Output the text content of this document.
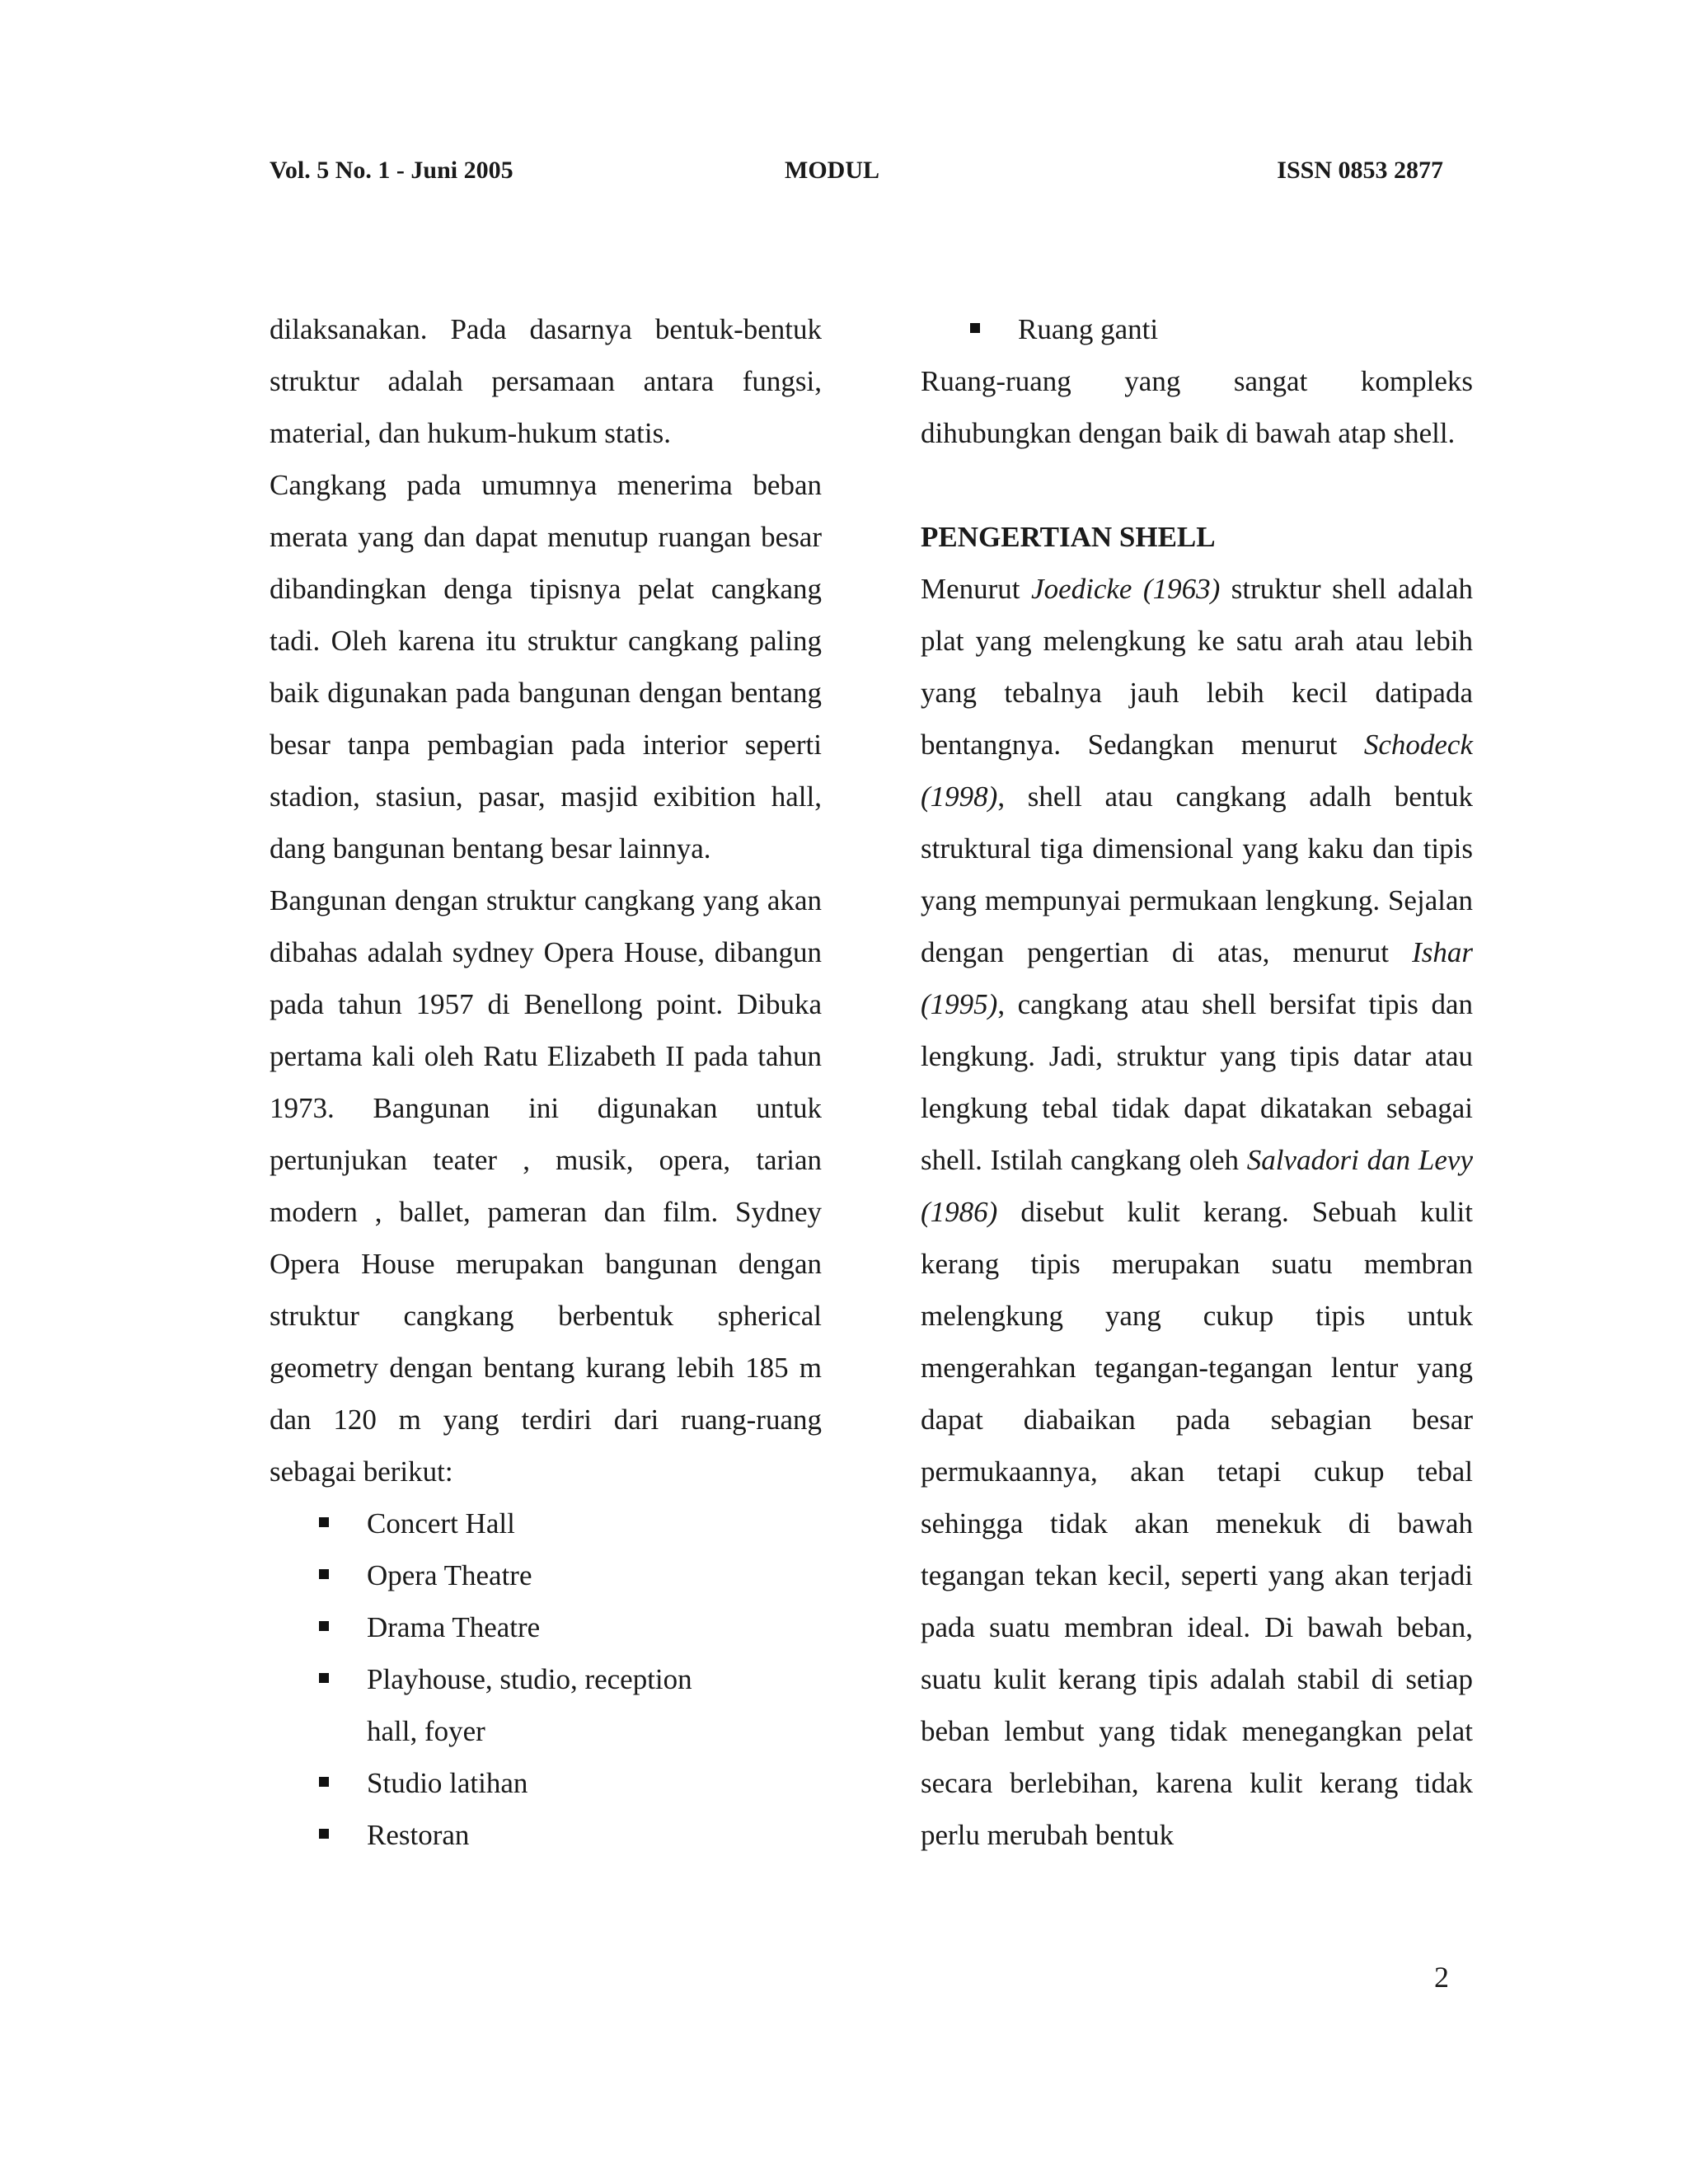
Vol. 5 No. 1 - Juni 2005	MODUL	ISSN 0853 2877

dilaksanakan. Pada dasarnya bentuk-bentuk struktur adalah persamaan antara fungsi, material, dan hukum-hukum statis.

Cangkang pada umumnya menerima beban merata yang dan dapat menutup ruangan besar dibandingkan denga tipisnya pelat cangkang tadi. Oleh karena itu struktur cangkang paling baik digunakan pada bangunan dengan bentang besar tanpa pembagian pada interior seperti stadion, stasiun, pasar, masjid exibition hall, dang bangunan bentang besar lainnya.

Bangunan dengan struktur cangkang yang akan dibahas adalah sydney Opera House, dibangun pada tahun 1957 di Benellong point. Dibuka pertama kali oleh Ratu Elizabeth II pada tahun 1973. Bangunan ini digunakan untuk pertunjukan teater , musik, opera, tarian modern , ballet, pameran dan film. Sydney Opera House merupakan bangunan dengan struktur cangkang berbentuk spherical geometry dengan bentang kurang lebih 185 m dan 120 m yang terdiri dari ruang-ruang sebagai berikut:

Concert Hall
Opera Theatre
Drama Theatre
Playhouse, studio, reception hall, foyer
Studio latihan
Restoran
Ruang ganti

Ruang-ruang yang sangat kompleks dihubungkan dengan baik di bawah atap shell.

PENGERTIAN SHELL

Menurut Joedicke (1963) struktur shell adalah plat yang melengkung ke satu arah atau lebih yang tebalnya jauh lebih kecil datipada bentangnya. Sedangkan menurut Schodeck (1998), shell atau cangkang adalh bentuk struktural tiga dimensional yang kaku dan tipis yang mempunyai permukaan lengkung. Sejalan dengan pengertian di atas, menurut Ishar (1995), cangkang atau shell bersifat tipis dan lengkung. Jadi, struktur yang tipis datar atau lengkung tebal tidak dapat dikatakan sebagai shell. Istilah cangkang oleh Salvadori dan Levy (1986) disebut kulit kerang. Sebuah kulit kerang tipis merupakan suatu membran melengkung yang cukup tipis untuk mengerahkan tegangan-tegangan lentur yang dapat diabaikan pada sebagian besar permukaannya, akan tetapi cukup tebal sehingga tidak akan menekuk di bawah tegangan tekan kecil, seperti yang akan terjadi pada suatu membran ideal. Di bawah beban, suatu kulit kerang tipis adalah stabil di setiap beban lembut yang tidak menegangkan pelat secara berlebihan, karena kulit kerang tidak perlu merubah bentuk

2
